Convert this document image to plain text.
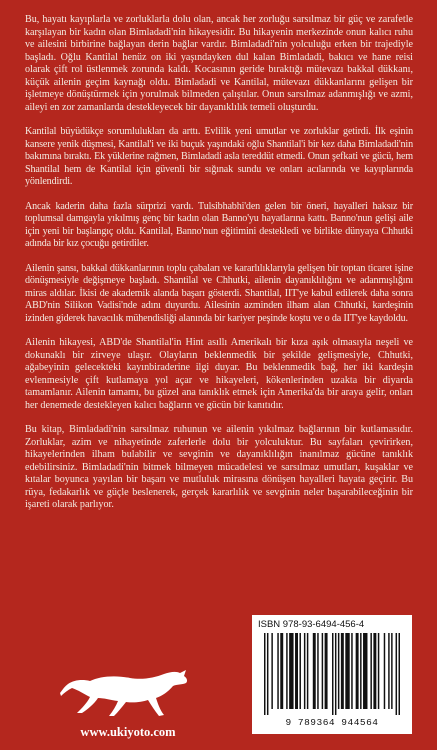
Bu, hayatı kayıplarla ve zorluklarla dolu olan, ancak her zorluğu sarsılmaz bir güç ve zarafetle karşılayan bir kadın olan Bimladadi'nin hikayesidir. Bu hikayenin merkezinde onun kalıcı ruhu ve ailesini birbirine bağlayan derin bağlar vardır. Bimladadi'nin yolculuğu erken bir trajediyle başladı. Oğlu Kantilal henüz on iki yaşındayken dul kalan Bimladadi, bakıcı ve hane reisi olarak çift rol üstlenmek zorunda kaldı. Kocasının geride bıraktığı mütevazı bakkal dükkanı, küçük ailenin geçim kaynağı oldu. Bimladadi ve Kantilal, mütevazı dükkanlarını gelişen bir işletmeye dönüştürmek için yorulmak bilmeden çalıştılar. Onun sarsılmaz adanmışlığı ve azmi, aileyi en zor zamanlarda destekleyecek bir dayanıklılık temeli oluşturdu.

Kantilal büyüdükçe sorumlulukları da arttı. Evlilik yeni umutlar ve zorluklar getirdi. İlk eşinin kansere yenik düşmesi, Kantilal'i ve iki buçuk yaşındaki oğlu Shantilal'i bir kez daha Bimladadi'nin bakımına bıraktı. Ek yüklerine rağmen, Bimladadi asla tereddüt etmedi. Onun şefkati ve gücü, hem Shantilal hem de Kantilal için güvenli bir sığınak sundu ve onları acılarında ve kayıplarında yönlendirdi.

Ancak kaderin daha fazla sürprizi vardı. Tulsibhabhi'den gelen bir öneri, hayalleri haksız bir toplumsal damgayla yıkılmış genç bir kadın olan Banno'yu hayatlarına kattı. Banno'nun gelişi aile için yeni bir başlangıç oldu. Kantilal, Banno'nun eğitimini destekledi ve birlikte dünyaya Chhutki adında bir kız çocuğu getirdiler.

Ailenin şansı, bakkal dükkanlarının toplu çabaları ve kararlılıklarıyla gelişen bir toptan ticaret işine dönüşmesiyle değişmeye başladı. Shantilal ve Chhutki, ailenin dayanıklılığını ve adanmışlığını miras aldılar. İkisi de akademik alanda başarı gösterdi. Shantilal, IIT'ye kabul edilerek daha sonra ABD'nin Silikon Vadisi'nde adını duyurdu. Ailesinin azminden ilham alan Chhutki, kardeşinin izinden giderek havacılık mühendisliği alanında bir kariyer peşinde koştu ve o da IIT'ye kaydoldu.

Ailenin hikayesi, ABD'de Shantilal'in Hint asıllı Amerikalı bir kıza aşık olmasıyla neşeli ve dokunaklı bir zirveye ulaşır. Olayların beklenmedik bir şekilde gelişmesiyle, Chhutki, ağabeyinin gelecekteki kayınbiraderine ilgi duyar. Bu beklenmedik bağ, her iki kardeşin evlenmesiyle çift kutlamaya yol açar ve hikayeleri, kökenlerinden uzakta bir diyarda tamamlanır. Ailenin tamamı, bu güzel ana tanıklık etmek için Amerika'da bir araya gelir, onları her denemede destekleyen kalıcı bağların ve gücün bir kanıtıdır.

Bu kitap, Bimladadi'nin sarsılmaz ruhunun ve ailenin yıkılmaz bağlarının bir kutlamasıdır. Zorluklar, azim ve nihayetinde zaferlerle dolu bir yolculuktur. Bu sayfaları çevirirken, hikayelerinden ilham bulabilir ve sevginin ve dayanıklılığın inanılmaz gücüne tanıklık edebilirsiniz. Bimladadi'nin bitmek bilmeyen mücadelesi ve sarsılmaz umutları, kuşaklar ve kıtalar boyunca yayılan bir başarı ve mutluluk mirasına dönüşen hayalleri hayata geçirir. Bu rüya, fedakarlık ve güçle beslenerek, gerçek kararlılık ve sevginin neler başarabileceğinin bir işareti olarak parlıyor.

www.ukiyoto.com
ISBN 978-93-6494-456-4
9 789364 944564
